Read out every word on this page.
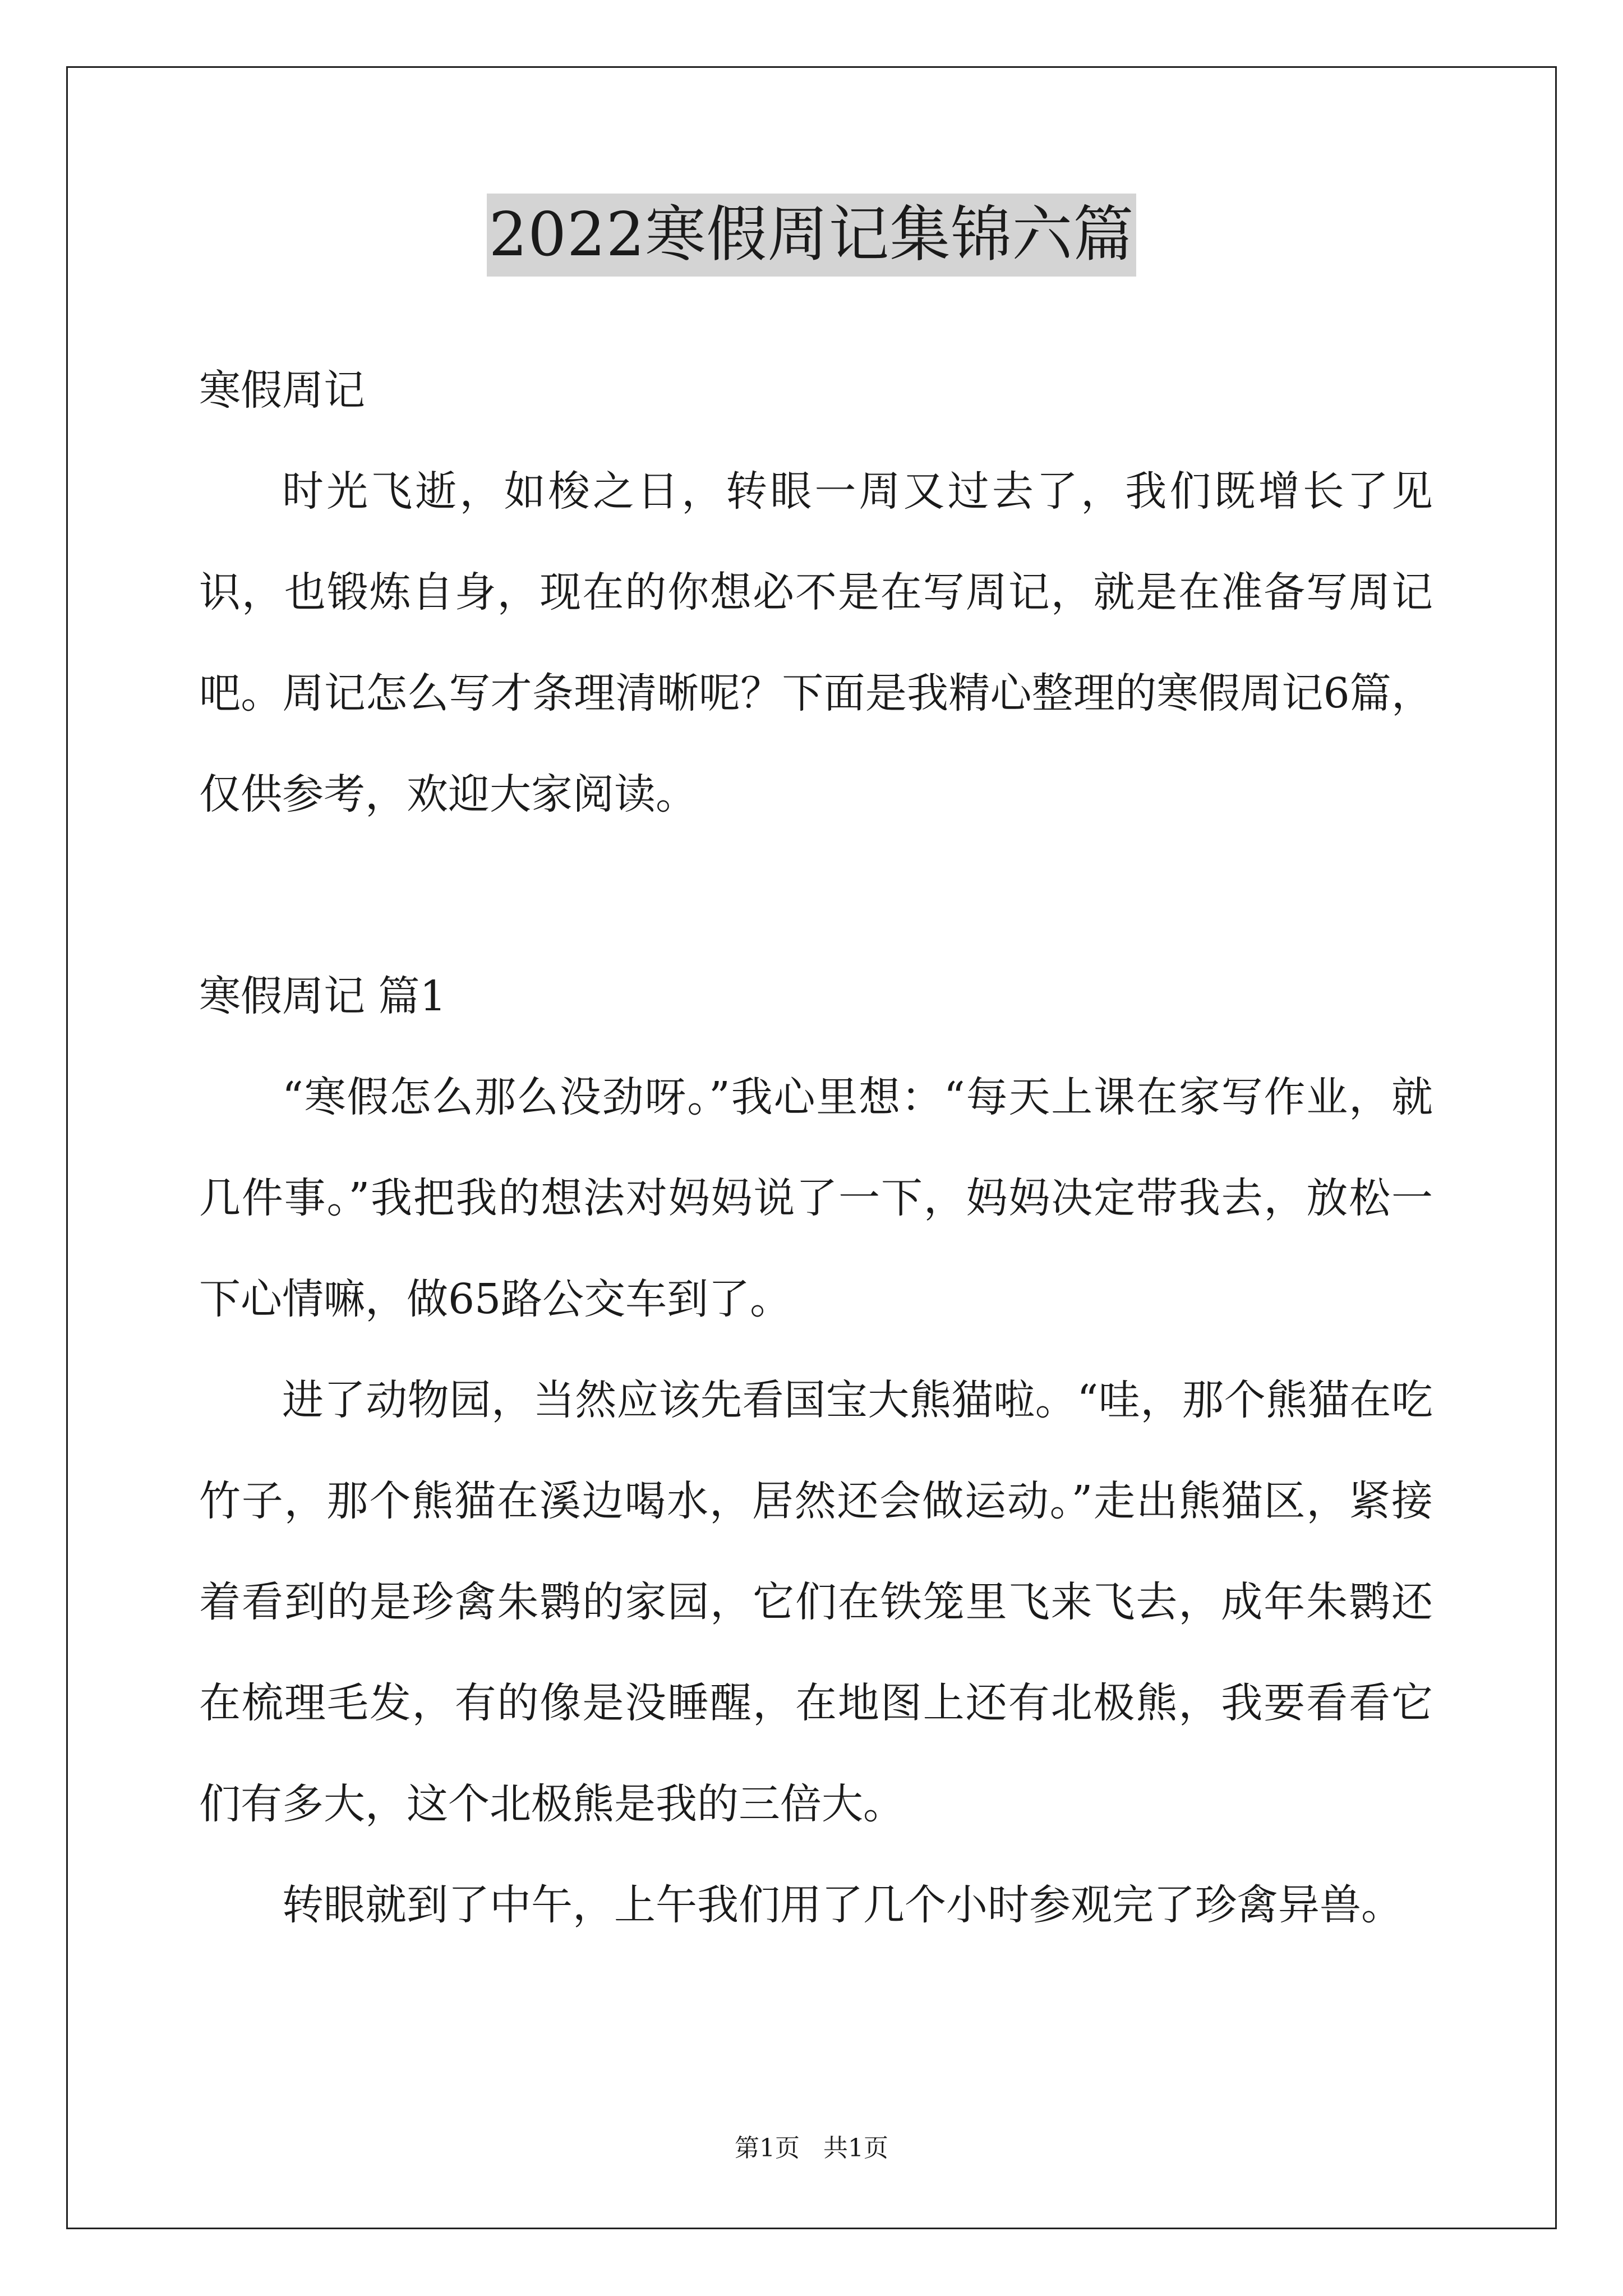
2022寒假周记集锦六篇

寒假周记

时光飞逝，如梭之日，转眼一周又过去了，我们既增长了见识，也锻炼自身，现在的你想必不是在写周记，就是在准备写周记吧。周记怎么写才条理清晰呢？下面是我精心整理的寒假周记6篇，仅供参考，欢迎大家阅读。

寒假周记 篇1

“寒假怎么那么没劲呀。”我心里想：“每天上课在家写作业，就几件事。”我把我的想法对妈妈说了一下，妈妈决定带我去，放松一下心情嘛，做65路公交车到了。

进了动物园，当然应该先看国宝大熊猫啦。“哇，那个熊猫在吃竹子，那个熊猫在溪边喝水，居然还会做运动。”走出熊猫区，紧接着看到的是珍禽朱鹮的家园，它们在铁笼里飞来飞去，成年朱鹮还在梳理毛发，有的像是没睡醒，在地图上还有北极熊，我要看看它们有多大，这个北极熊是我的三倍大。

转眼就到了中午，上午我们用了几个小时参观完了珍禽异兽。

第1页 共1页
